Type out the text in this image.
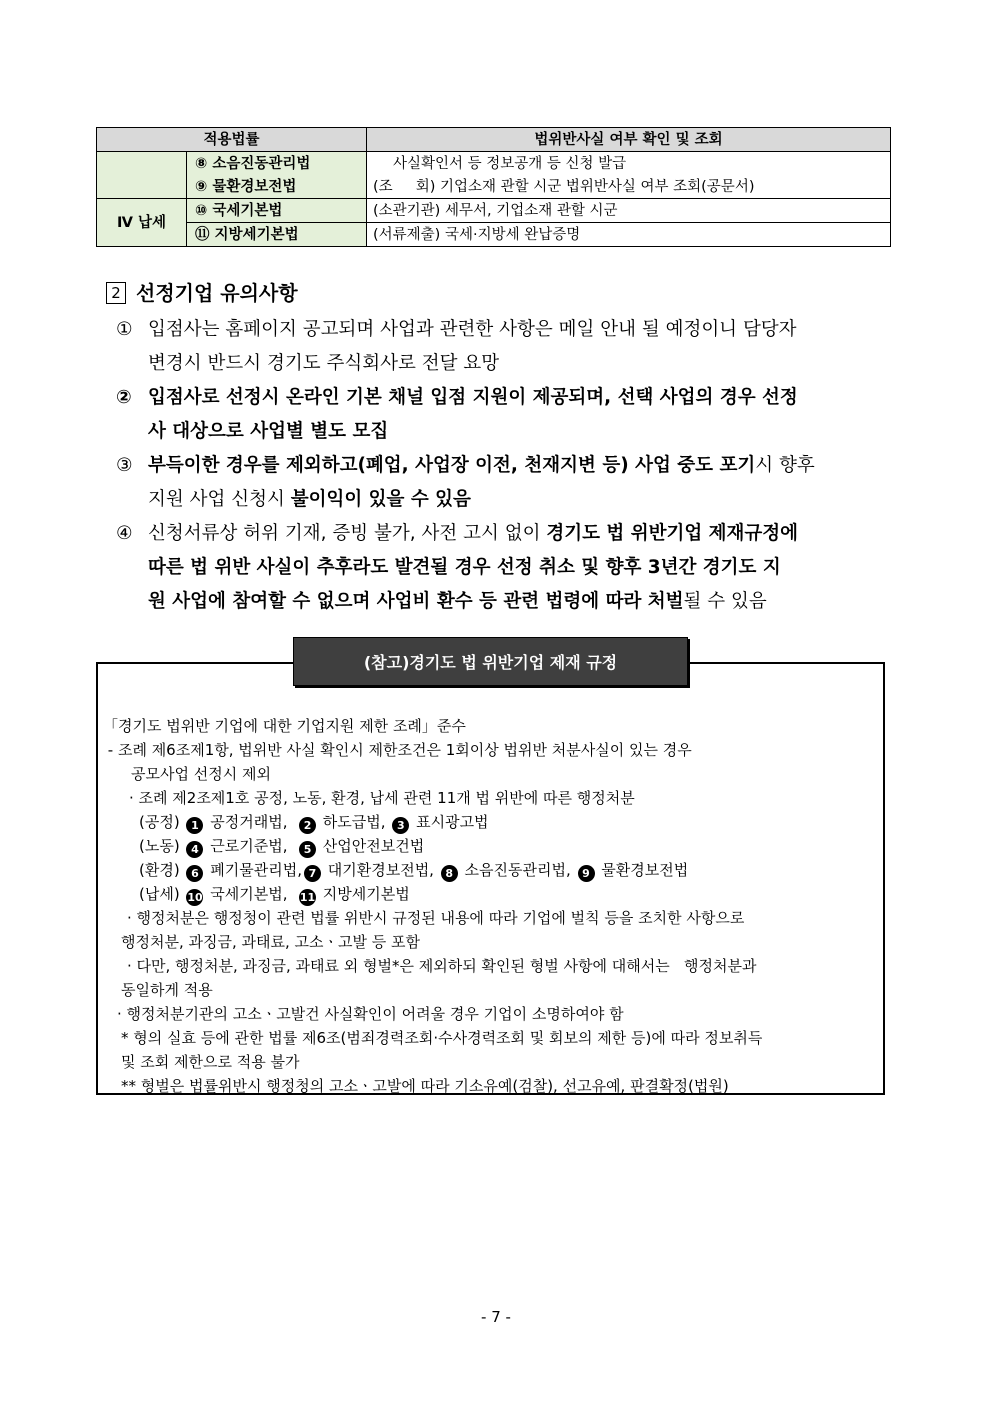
적용법률		법위반사실 여부 확인 및 조회
	⑧ 소음진동관리법	사실확인서 등 정보공개 등 신청 발급
	⑨ 물환경보전법	(조     회) 기업소재 관할 시군 법위반사실 여부 조회(공문서)
Ⅳ 납세	⑩ 국세기본법	(소관기관) 세무서, 기업소재 관할 시군
	⑪ 지방세기본법	(서류제출) 국세·지방세 완납증명
2 선정기업 유의사항
① 입점사는 홈페이지 공고되며 사업과 관련한 사항은 메일 안내 될 예정이니 담당자
변경시 반드시 경기도 주식회사로 전달 요망
② 입점사로 선정시 온라인 기본 채널 입점 지원이 제공되며, 선택 사업의 경우 선정
사 대상으로 사업별 별도 모집
③ 부득이한 경우를 제외하고(폐업, 사업장 이전, 천재지변 등) 사업 중도 포기시 향후
지원 사업 신청시 불이익이 있을 수 있음
④ 신청서류상 허위 기재, 증빙 불가, 사전 고시 없이 경기도 법 위반기업 제재규정에
따른 법 위반 사실이 추후라도 발견될 경우 선정 취소 및 향후 3년간 경기도 지
원 사업에 참여할 수 없으며 사업비 환수 등 관련 법령에 따라 처벌될 수 있음
(참고)경기도 법 위반기업 제재 규정
「경기도 법위반 기업에 대한 기업지원 제한 조례」준수
- 조례 제6조제1항, 법위반 사실 확인시 제한조건은 1회이상 법위반 처분사실이 있는 경우
공모사업 선정시 제외
· 조례 제2조제1호 공정, 노동, 환경, 납세 관련 11개 법 위반에 따른 행정처분
(공정) 1 공정거래법, 2 하도급법, 3 표시광고법
(노동) 4 근로기준법, 5 산업안전보건법
(환경) 6 폐기물관리법, 7 대기환경보전법, 8 소음진동관리법, 9 물환경보전법
(납세) 10 국세기본법, 11 지방세기본법
· 행정처분은 행정청이 관련 법률 위반시 규정된 내용에 따라 기업에 벌칙 등을 조치한 사항으로
행정처분, 과징금, 과태료, 고소ㆍ고발 등 포함
· 다만, 행정처분, 과징금, 과태료 외 형벌*은 제외하되 확인된 형벌 사항에 대해서는   행정처분과
동일하게 적용
· 행정처분기관의 고소ㆍ고발건 사실확인이 어려울 경우 기업이 소명하여야 함
* 형의 실효 등에 관한 법률 제6조(범죄경력조회·수사경력조회 및 회보의 제한 등)에 따라 정보취득
및 조회 제한으로 적용 불가
** 형벌은 법률위반시 행정청의 고소ㆍ고발에 따라 기소유예(검찰), 선고유예, 판결확정(법원)
- 7 -
